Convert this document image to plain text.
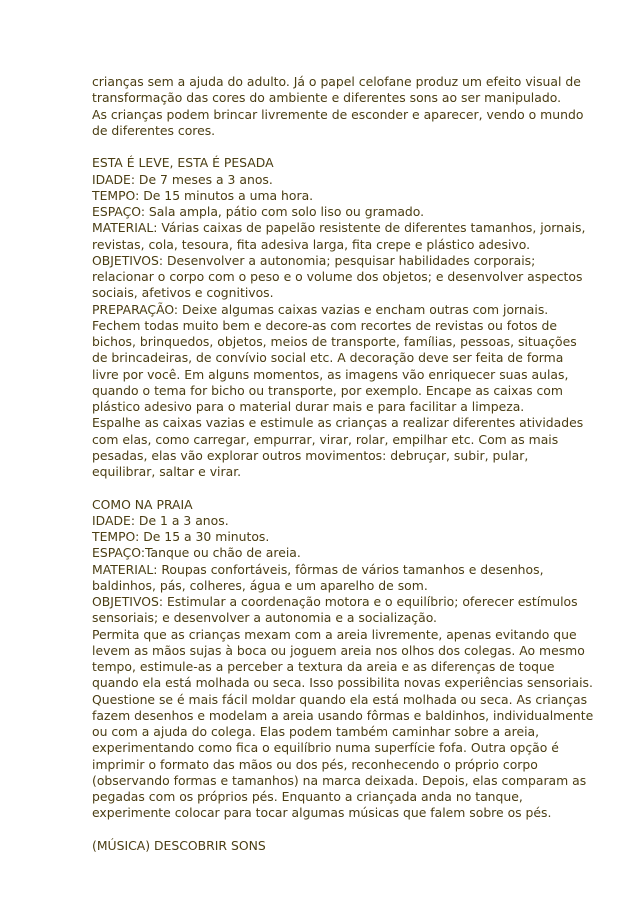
crianças sem a ajuda do adulto. Já o papel celofane produz um efeito visual de
transformação das cores do ambiente e diferentes sons ao ser manipulado.
As crianças podem brincar livremente de esconder e aparecer, vendo o mundo
de diferentes cores.
ESTA É LEVE, ESTA É PESADA
IDADE: De 7 meses a 3 anos.
TEMPO: De 15 minutos a uma hora.
ESPAÇO: Sala ampla, pátio com solo liso ou gramado.
MATERIAL: Várias caixas de papelão resistente de diferentes tamanhos, jornais,
revistas, cola, tesoura, fita adesiva larga, fita crepe e plástico adesivo.
OBJETIVOS: Desenvolver a autonomia; pesquisar habilidades corporais;
relacionar o corpo com o peso e o volume dos objetos; e desenvolver aspectos
sociais, afetivos e cognitivos.
PREPARAÇÃO: Deixe algumas caixas vazias e encham outras com jornais.
Fechem todas muito bem e decore-as com recortes de revistas ou fotos de
bichos, brinquedos, objetos, meios de transporte, famílias, pessoas, situações
de brincadeiras, de convívio social etc. A decoração deve ser feita de forma
livre por você. Em alguns momentos, as imagens vão enriquecer suas aulas,
quando o tema for bicho ou transporte, por exemplo. Encape as caixas com
plástico adesivo para o material durar mais e para facilitar a limpeza.
Espalhe as caixas vazias e estimule as crianças a realizar diferentes atividades
com elas, como carregar, empurrar, virar, rolar, empilhar etc. Com as mais
pesadas, elas vão explorar outros movimentos: debruçar, subir, pular,
equilibrar, saltar e virar.
COMO NA PRAIA
IDADE: De 1 a 3 anos.
TEMPO: De 15 a 30 minutos.
ESPAÇO:Tanque ou chão de areia.
MATERIAL: Roupas confortáveis, fôrmas de vários tamanhos e desenhos,
baldinhos, pás, colheres, água e um aparelho de som.
OBJETIVOS: Estimular a coordenação motora e o equilíbrio; oferecer estímulos
sensoriais; e desenvolver a autonomia e a socialização.
Permita que as crianças mexam com a areia livremente, apenas evitando que
levem as mãos sujas à boca ou joguem areia nos olhos dos colegas. Ao mesmo
tempo, estimule-as a perceber a textura da areia e as diferenças de toque
quando ela está molhada ou seca. Isso possibilita novas experiências sensoriais.
Questione se é mais fácil moldar quando ela está molhada ou seca. As crianças
fazem desenhos e modelam a areia usando fôrmas e baldinhos, individualmente
ou com a ajuda do colega. Elas podem também caminhar sobre a areia,
experimentando como fica o equilíbrio numa superfície fofa. Outra opção é
imprimir o formato das mãos ou dos pés, reconhecendo o próprio corpo
(observando formas e tamanhos) na marca deixada. Depois, elas comparam as
pegadas com os próprios pés. Enquanto a criançada anda no tanque,
experimente colocar para tocar algumas músicas que falem sobre os pés.
(MÚSICA) DESCOBRIR SONS
